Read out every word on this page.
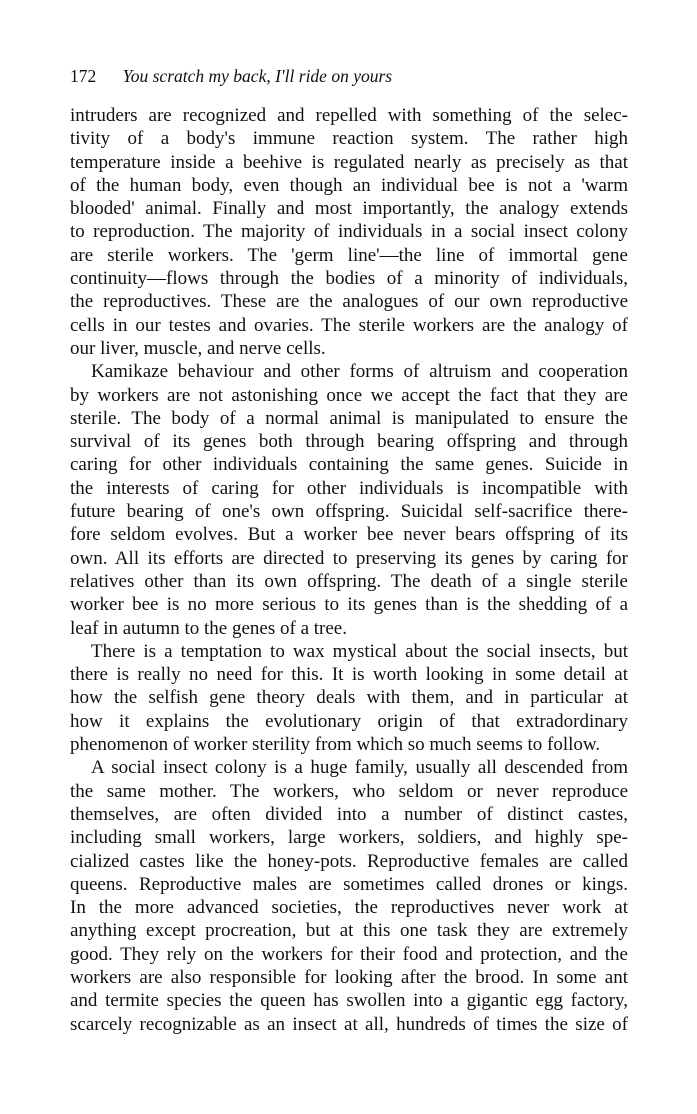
172 You scratch my back, I'll ride on yours
intruders are recognized and repelled with something of the selec-
tivity of a body's immune reaction system. The rather high
temperature inside a beehive is regulated nearly as precisely as that
of the human body, even though an individual bee is not a 'warm
blooded' animal. Finally and most importantly, the analogy extends
to reproduction. The majority of individuals in a social insect colony
are sterile workers. The 'germ line'—the line of immortal gene
continuity—flows through the bodies of a minority of individuals,
the reproductives. These are the analogues of our own reproductive
cells in our testes and ovaries. The sterile workers are the analogy of
our liver, muscle, and nerve cells.
Kamikaze behaviour and other forms of altruism and cooperation
by workers are not astonishing once we accept the fact that they are
sterile. The body of a normal animal is manipulated to ensure the
survival of its genes both through bearing offspring and through
caring for other individuals containing the same genes. Suicide in
the interests of caring for other individuals is incompatible with
future bearing of one's own offspring. Suicidal self-sacrifice there-
fore seldom evolves. But a worker bee never bears offspring of its
own. All its efforts are directed to preserving its genes by caring for
relatives other than its own offspring. The death of a single sterile
worker bee is no more serious to its genes than is the shedding of a
leaf in autumn to the genes of a tree.
There is a temptation to wax mystical about the social insects, but
there is really no need for this. It is worth looking in some detail at
how the selfish gene theory deals with them, and in particular at
how it explains the evolutionary origin of that extradordinary
phenomenon of worker sterility from which so much seems to follow.
A social insect colony is a huge family, usually all descended from
the same mother. The workers, who seldom or never reproduce
themselves, are often divided into a number of distinct castes,
including small workers, large workers, soldiers, and highly spe-
cialized castes like the honey-pots. Reproductive females are called
queens. Reproductive males are sometimes called drones or kings.
In the more advanced societies, the reproductives never work at
anything except procreation, but at this one task they are extremely
good. They rely on the workers for their food and protection, and the
workers are also responsible for looking after the brood. In some ant
and termite species the queen has swollen into a gigantic egg factory,
scarcely recognizable as an insect at all, hundreds of times the size of
